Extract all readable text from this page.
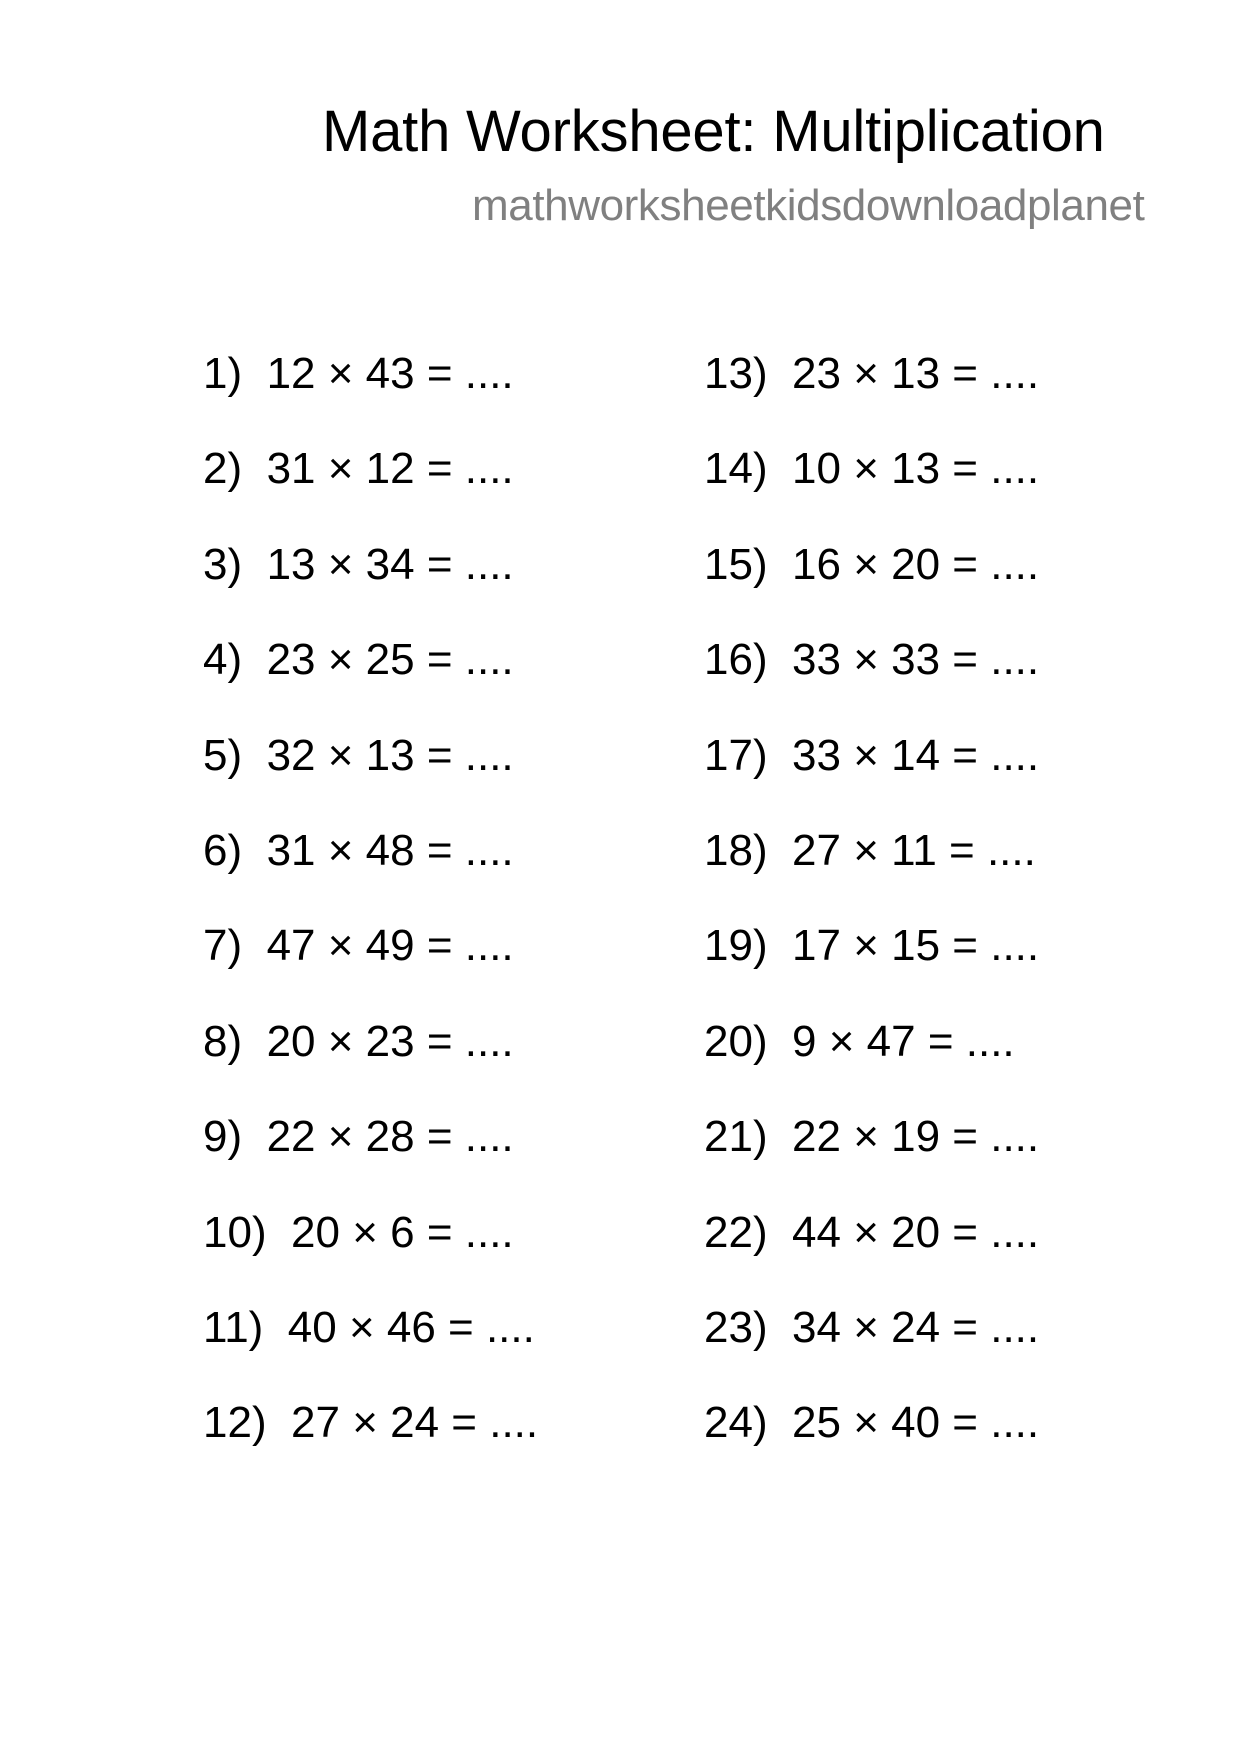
Math Worksheet: Multiplication
mathworksheetkidsdownloadplanet
1)  12 × 43 = ....
2)  31 × 12 = ....
3)  13 × 34 = ....
4)  23 × 25 = ....
5)  32 × 13 = ....
6)  31 × 48 = ....
7)  47 × 49 = ....
8)  20 × 23 = ....
9)  22 × 28 = ....
10)  20 × 6 = ....
11)  40 × 46 = ....
12)  27 × 24 = ....
13)  23 × 13 = ....
14)  10 × 13 = ....
15)  16 × 20 = ....
16)  33 × 33 = ....
17)  33 × 14 = ....
18)  27 × 11 = ....
19)  17 × 15 = ....
20)  9 × 47 = ....
21)  22 × 19 = ....
22)  44 × 20 = ....
23)  34 × 24 = ....
24)  25 × 40 = ....
